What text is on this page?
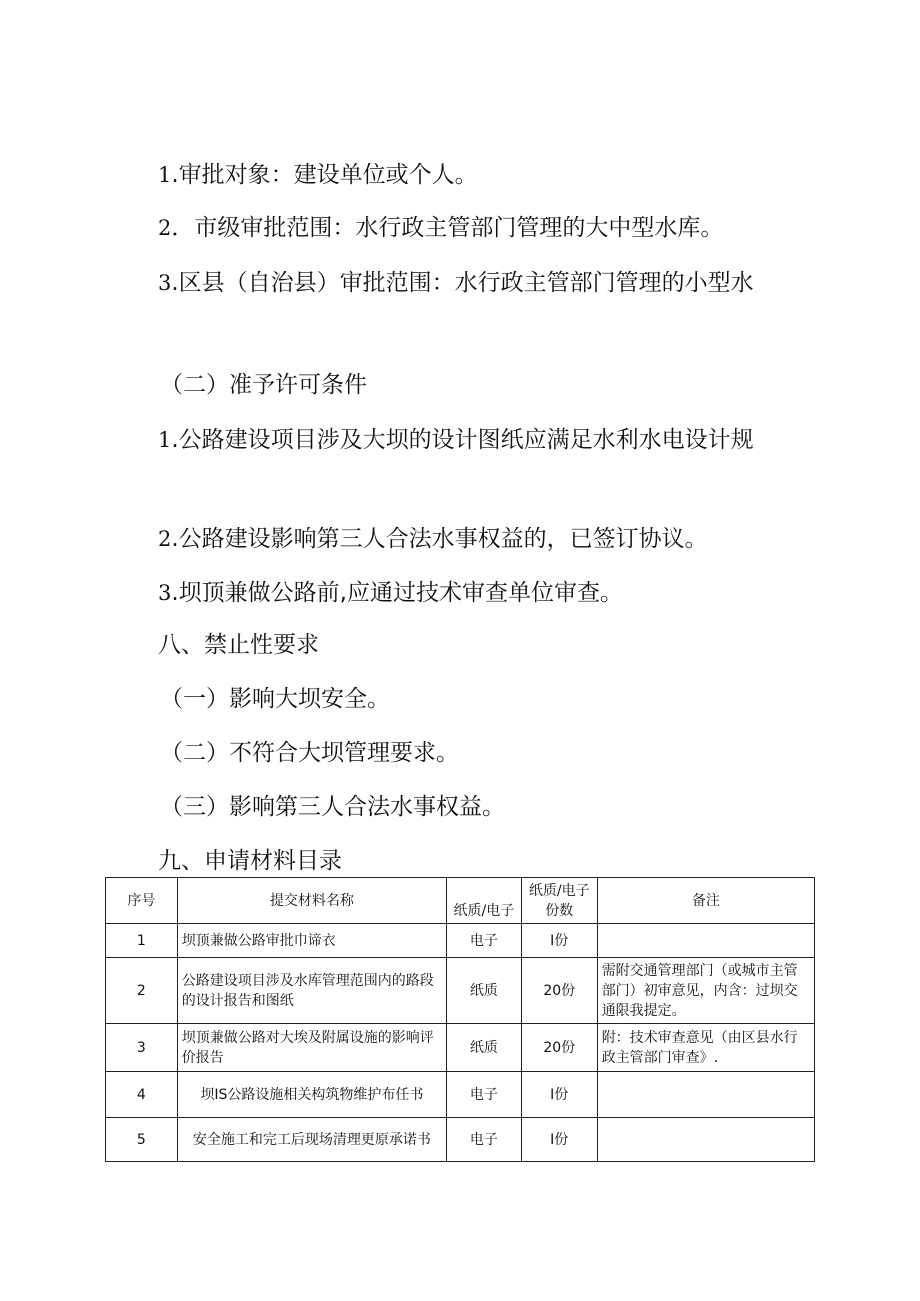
1.审批对象：建设单位或个人。
2．市级审批范围：水行政主管部门管理的大中型水库。
3.区县（自治县）审批范围：水行政主管部门管理的小型水
（二）准予许可条件
1.公路建设项目涉及大坝的设计图纸应满足水利水电设计规
2.公路建设影响第三人合法水事权益的，已签订协议。
3.坝顶兼做公路前,应通过技术审查单位审查。
八、禁止性要求
（一）影响大坝安全。
（二）不符合大坝管理要求。
（三）影响第三人合法水事权益。
九、申请材料目录
序号	提交材料名称	纸质/电子	纸质/电子份数	备注
1	坝顶兼做公路审批巾谛衣	电子	I份	
2	公路建设项目涉及水库管理范围内的路段的设计报告和图纸	纸质	20份	需附交通管理部门（或城市主管部门）初审意见，内含：过坝交通限我提定。
3	坝顶兼做公路对大埃及附属设施的影响评价报告	纸质	20份	附：技术审查意见（由区县水行政主管部门审查》.
4	坝IS公路设施相关构筑物维护布任书	电子	I份	
5	安全施工和完工后现场清理更原承诺书	电子	I份	
